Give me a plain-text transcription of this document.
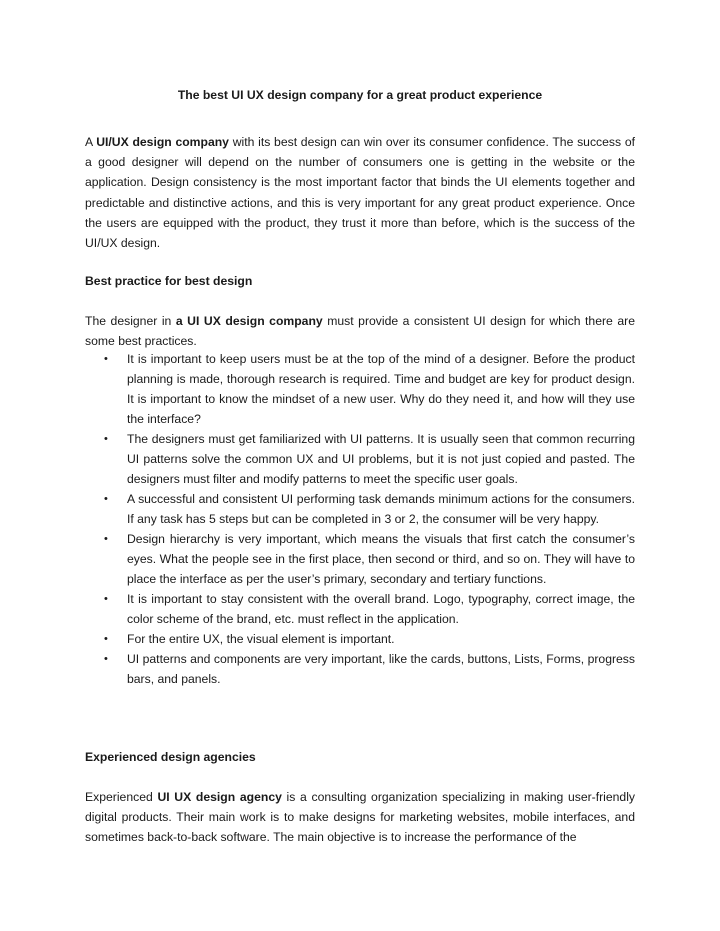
The best UI UX design company for a great product experience

A UI/UX design company with its best design can win over its consumer confidence. The success of a good designer will depend on the number of consumers one is getting in the website or the application. Design consistency is the most important factor that binds the UI elements together and predictable and distinctive actions, and this is very important for any great product experience. Once the users are equipped with the product, they trust it more than before, which is the success of the UI/UX design.

Best practice for best design

The designer in a UI UX design company must provide a consistent UI design for which there are some best practices.

• It is important to keep users must be at the top of the mind of a designer. Before the product planning is made, thorough research is required. Time and budget are key for product design. It is important to know the mindset of a new user. Why do they need it, and how will they use the interface?
• The designers must get familiarized with UI patterns. It is usually seen that common recurring UI patterns solve the common UX and UI problems, but it is not just copied and pasted. The designers must filter and modify patterns to meet the specific user goals.
• A successful and consistent UI performing task demands minimum actions for the consumers. If any task has 5 steps but can be completed in 3 or 2, the consumer will be very happy.
• Design hierarchy is very important, which means the visuals that first catch the consumer’s eyes. What the people see in the first place, then second or third, and so on. They will have to place the interface as per the user’s primary, secondary and tertiary functions.
• It is important to stay consistent with the overall brand. Logo, typography, correct image, the color scheme of the brand, etc. must reflect in the application.
• For the entire UX, the visual element is important.
• UI patterns and components are very important, like the cards, buttons, Lists, Forms, progress bars, and panels.
Experienced design agencies

Experienced UI UX design agency is a consulting organization specializing in making user-friendly digital products. Their main work is to make designs for marketing websites, mobile interfaces, and sometimes back-to-back software. The main objective is to increase the performance of the
